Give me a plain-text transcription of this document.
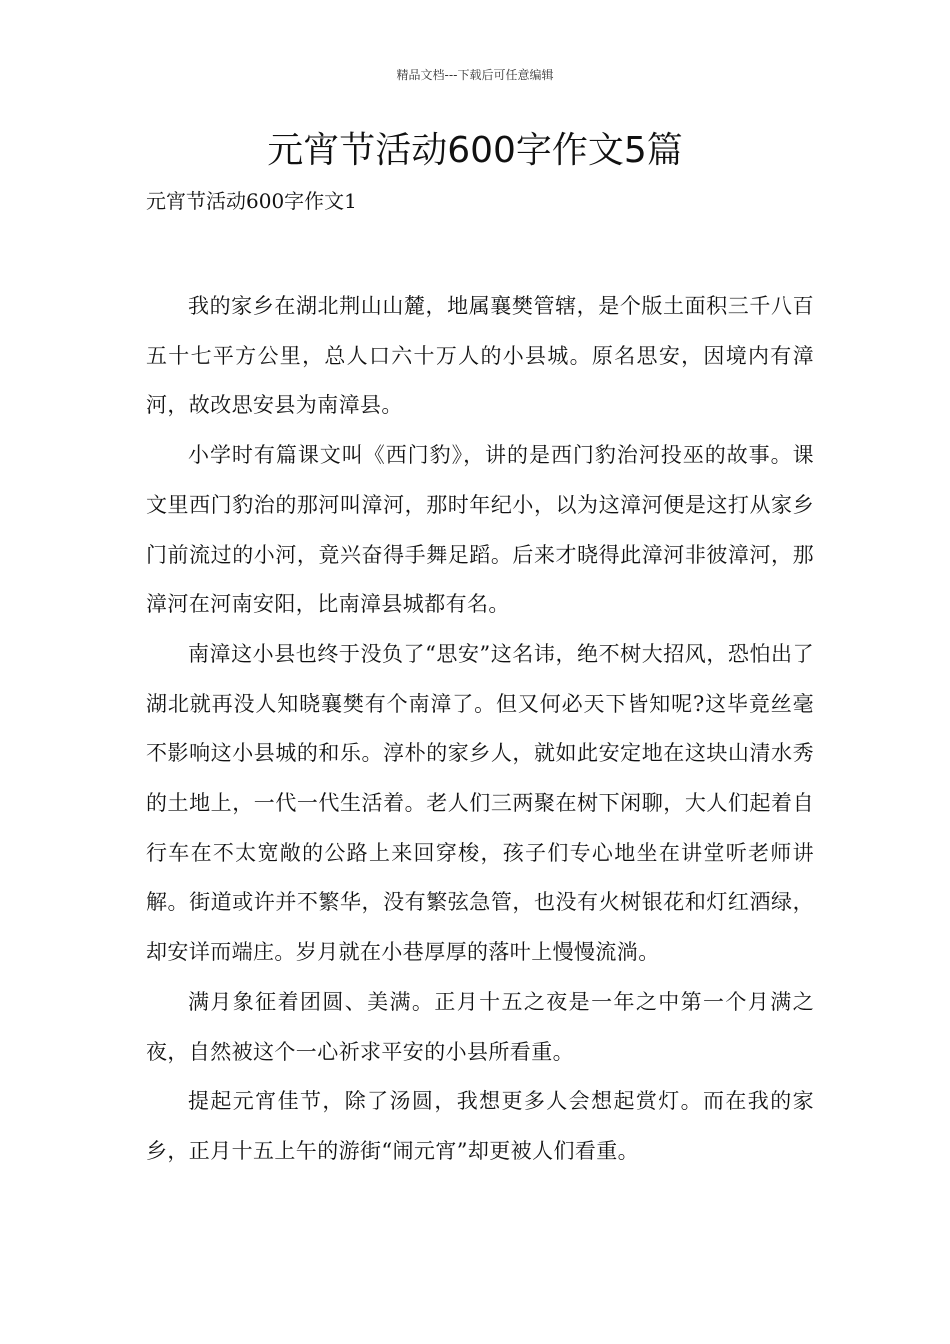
精品文档---下载后可任意编辑
元宵节活动600字作文5篇
元宵节活动600字作文1

我的家乡在湖北荆山山麓，地属襄樊管辖，是个版土面积三千八百五十七平方公里，总人口六十万人的小县城。原名思安，因境内有漳河，故改思安县为南漳县。

小学时有篇课文叫《西门豹》，讲的是西门豹治河投巫的故事。课文里西门豹治的那河叫漳河，那时年纪小，以为这漳河便是这打从家乡门前流过的小河，竟兴奋得手舞足蹈。后来才晓得此漳河非彼漳河，那漳河在河南安阳，比南漳县城都有名。

南漳这小县也终于没负了“思安”这名讳，绝不树大招风，恐怕出了湖北就再没人知晓襄樊有个南漳了。但又何必天下皆知呢?这毕竟丝毫不影响这小县城的和乐。淳朴的家乡人，就如此安定地在这块山清水秀的土地上，一代一代生活着。老人们三两聚在树下闲聊，大人们起着自行车在不太宽敞的公路上来回穿梭，孩子们专心地坐在讲堂听老师讲解。街道或许并不繁华，没有繁弦急管，也没有火树银花和灯红酒绿，却安详而端庄。岁月就在小巷厚厚的落叶上慢慢流淌。

满月象征着团圆、美满。正月十五之夜是一年之中第一个月满之夜，自然被这个一心祈求平安的小县所看重。

提起元宵佳节，除了汤圆，我想更多人会想起赏灯。而在我的家乡，正月十五上午的游街“闹元宵”却更被人们看重。
